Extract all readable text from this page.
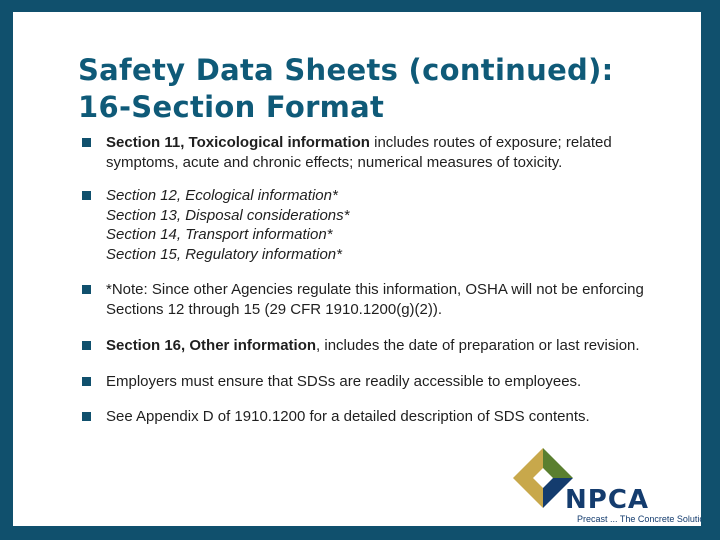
Safety Data Sheets (continued):
16-Section Format
Section 11, Toxicological information includes routes of exposure; related symptoms, acute and chronic effects; numerical measures of toxicity.
Section 12, Ecological information*
Section 13, Disposal considerations*
Section 14, Transport information*
Section 15, Regulatory information*
*Note: Since other Agencies regulate this information, OSHA will not be enforcing Sections 12 through 15 (29 CFR 1910.1200(g)(2)).
Section 16, Other information, includes the date of preparation or last revision.
Employers must ensure that SDSs are readily accessible to employees.
See Appendix D of 1910.1200 for a detailed description of SDS contents.
NPCA
Precast ... The Concrete Solution
